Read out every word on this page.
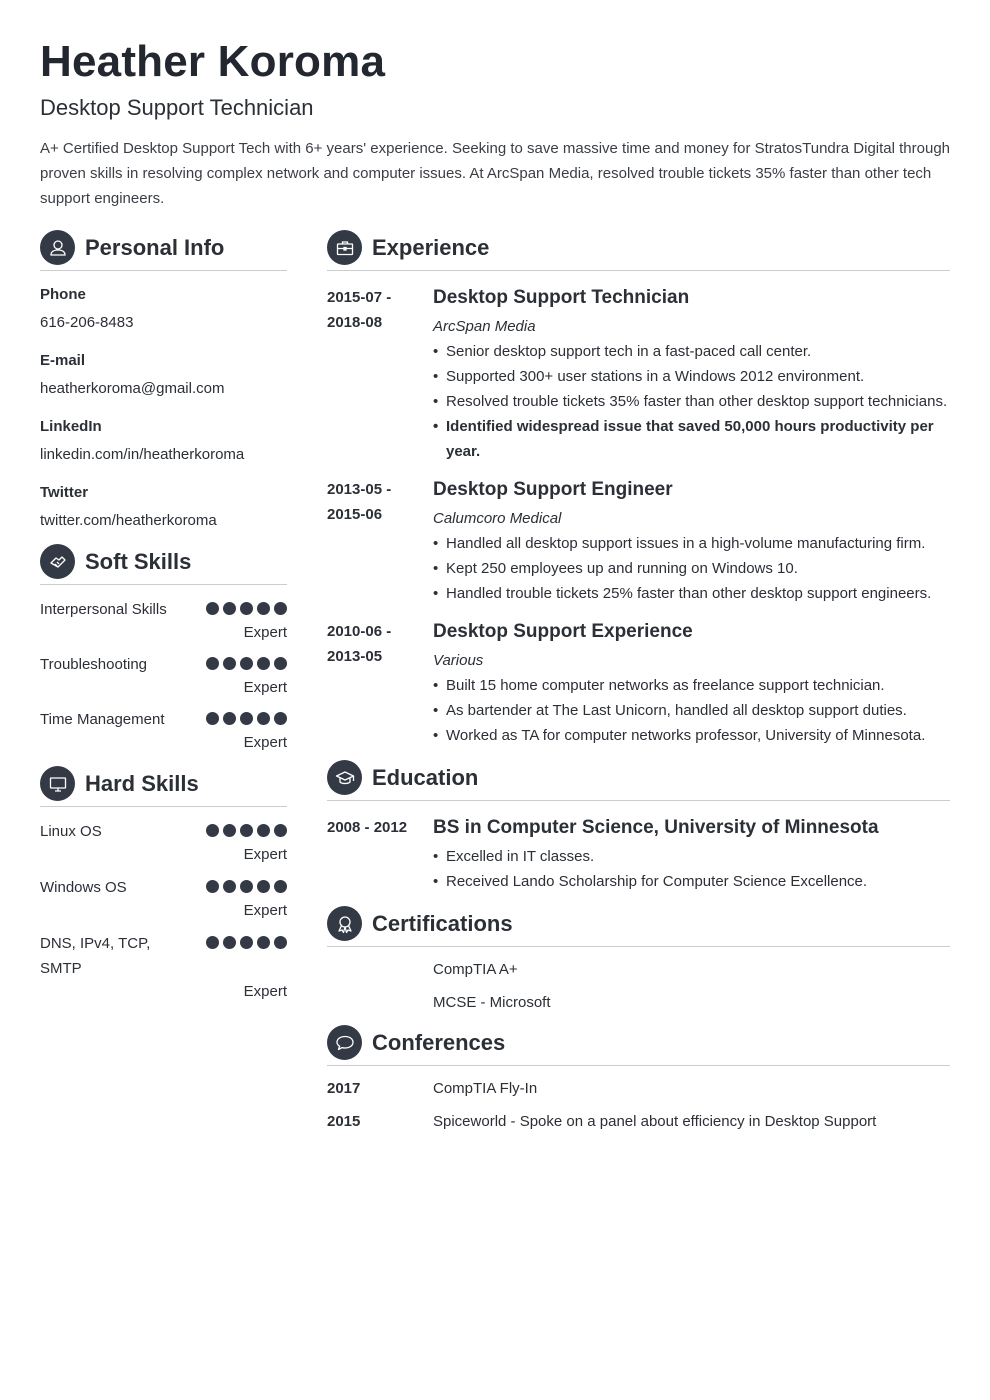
Heather Koroma
Desktop Support Technician
A+ Certified Desktop Support Tech with 6+ years' experience. Seeking to save massive time and money for StratosTundra Digital through proven skills in resolving complex network and computer issues. At ArcSpan Media, resolved trouble tickets 35% faster than other tech support engineers.
Personal Info
Phone
616-206-8483
E-mail
heatherkoroma@gmail.com
LinkedIn
linkedin.com/in/heatherkoroma
Twitter
twitter.com/heatherkoroma
Soft Skills
Interpersonal Skills
Expert
Troubleshooting
Expert
Time Management
Expert
Hard Skills
Linux OS
Expert
Windows OS
Expert
DNS, IPv4, TCP, SMTP
Expert
Experience
2015-07 - 2018-08
Desktop Support Technician
ArcSpan Media
• Senior desktop support tech in a fast-paced call center.
• Supported 300+ user stations in a Windows 2012 environment.
• Resolved trouble tickets 35% faster than other desktop support technicians.
• Identified widespread issue that saved 50,000 hours productivity per year.
2013-05 - 2015-06
Desktop Support Engineer
Calumcoro Medical
• Handled all desktop support issues in a high-volume manufacturing firm.
• Kept 250 employees up and running on Windows 10.
• Handled trouble tickets 25% faster than other desktop support engineers.
2010-06 - 2013-05
Desktop Support Experience
Various
• Built 15 home computer networks as freelance support technician.
• As bartender at The Last Unicorn, handled all desktop support duties.
• Worked as TA for computer networks professor, University of Minnesota.
Education
2008 - 2012	BS in Computer Science, University of Minnesota
• Excelled in IT classes.
• Received Lando Scholarship for Computer Science Excellence.
Certifications
CompTIA A+
MCSE - Microsoft
Conferences
2017	CompTIA Fly-In
2015	Spiceworld - Spoke on a panel about efficiency in Desktop Support
